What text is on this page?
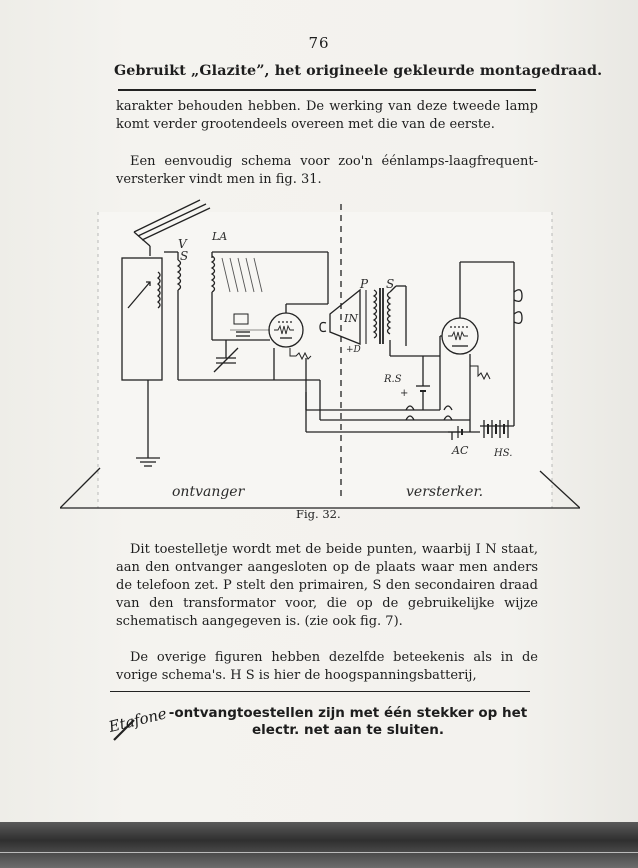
76
Gebruikt „Glazite”, het origineele gekleurde montagedraad.

karakter behouden hebben. De werking van deze tweede lamp komt verder grootendeels overeen met die van de eerste.

Een eenvoudig schema voor zoo'n éénlamps-laagfrequent-versterker vindt men in fig. 31.

V
S
LA
P S
IN
+D
R.S
+
AC	HS.
ontvanger	versterker.
Fig. 32.

Dit toestelletje wordt met de beide punten, waarbij I N staat, aan den ontvanger aangesloten op de plaats waar men anders de telefoon zet. P stelt den primairen, S den secondairen draad van den transformator voor, die op de gebruikelijke wijze schematisch aangegeven is. (zie ook fig. 7).

De overige figuren hebben dezelfde beteekenis als in de vorige schema's. H S is hier de hoogspanningsbatterij,

Etafone -ontvangtoestellen zijn met één stekker op het
electr. net aan te sluiten.
